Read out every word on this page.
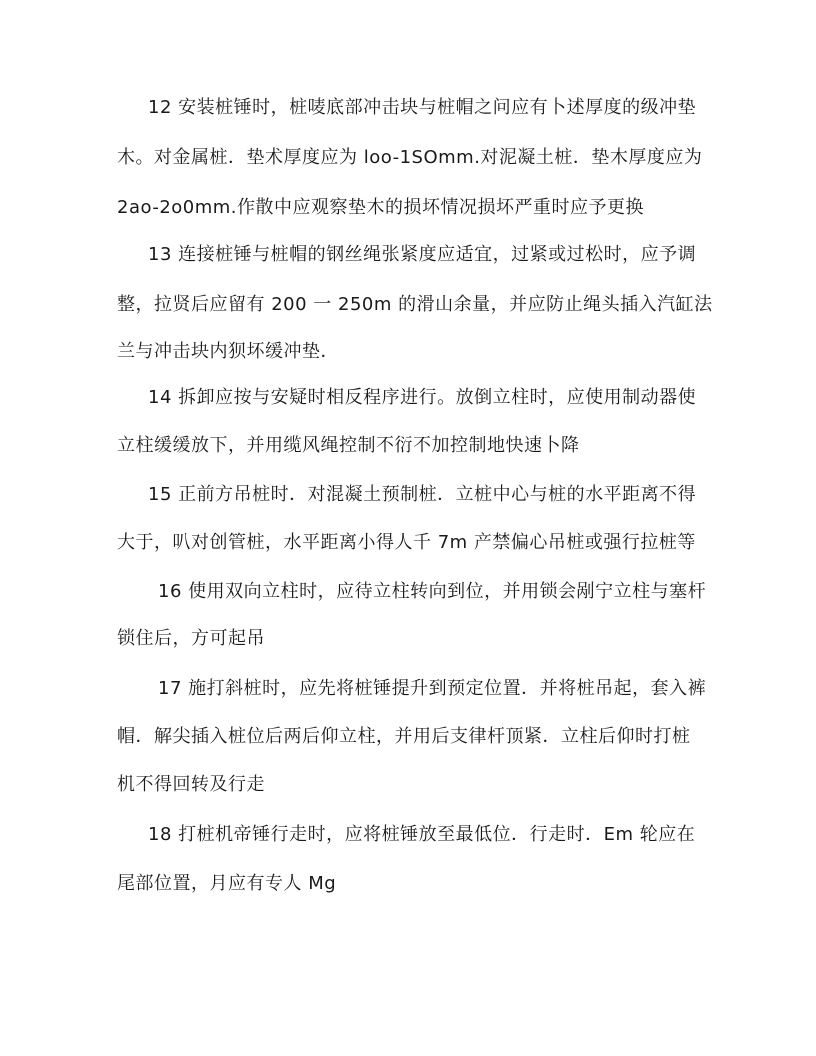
12 安装桩锤时，桩唛底部冲击块与桩帽之问应有卜述厚度的级冲垫
木。对金属桩．垫术厚度应为 loo-1SOmm.对泥凝土桩．垫木厚度应为
2ao-2o0mm.作散中应观察垫木的损坏情况损坏严重时应予更换
13 连接桩锤与桩帽的钢丝绳张紧度应适宜，过紧或过松时，应予调
整，拉贤后应留有 200 一 250m 的滑山余量，并应防止绳头插入汽缸法
兰与冲击块内狈坏缓冲垫．
14 拆卸应按与安疑时相反程序进行。放倒立柱时，应使用制动器使
立柱缓缓放下，并用缆风绳控制不衍不加控制地快速卜降
15 正前方吊桩时．对混凝土预制桩．立桩中心与桩的水平距离不得
大于，叭对创管桩，水平距离小得人千 7m 产禁偏心吊桩或强行拉桩等
16 使用双向立柱时，应待立柱转向到位，并用锁会剐宁立柱与塞杆
锁住后，方可起吊
17 施打斜桩时，应先将桩锤提升到预定位置．并将桩吊起，套入裤
帽．解尖插入桩位后两后仰立柱，并用后支律杆顶紧．立柱后仰时打桩
机不得回转及行走
18 打桩机帝锤行走时，应将桩锤放至最低位．行走时．Em 轮应在
尾部位置，月应有专人 Mg
